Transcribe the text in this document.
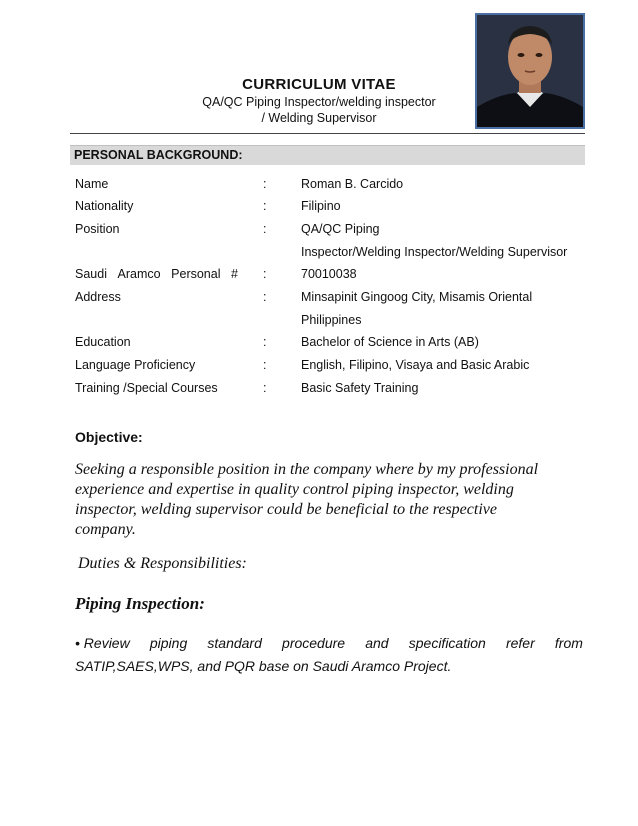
CURRICULUM VITAE
QA/QC Piping Inspector/welding inspector
/ Welding Supervisor
PERSONAL BACKGROUND:
Name	:	Roman B. Carcido
Nationality	:	Filipino
Position	:	QA/QC Piping
Inspector/Welding Inspector/Welding Supervisor
Saudi Aramco Personal # :	70010038
Address	:	Minsapinit Gingoog City, Misamis Oriental
Philippines
Education	:	Bachelor of Science in Arts (AB)
Language Proficiency	:	English, Filipino, Visaya and Basic Arabic
Training /Special Courses	:	Basic Safety Training
Objective:
Seeking a responsible position in the company where by my professional
experience and expertise in quality control piping inspector, welding
inspector, welding supervisor could be beneficial to the respective
company.
Duties & Responsibilities:
Piping Inspection:
• Review piping standard procedure and specification refer from
SATIP,SAES,WPS, and PQR base on Saudi Aramco Project.
